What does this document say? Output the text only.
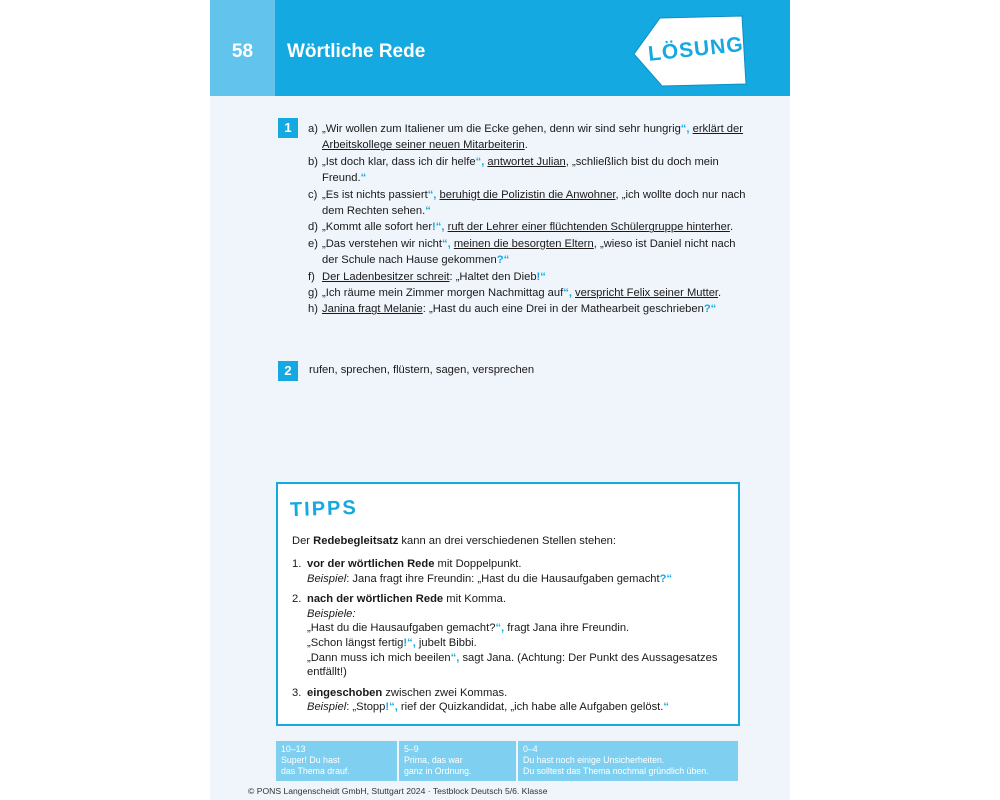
58	Wörtliche Rede	LÖSUNG
1	a) „Wir wollen zum Italiener um die Ecke gehen, denn wir sind sehr hungrig“, erklärt der Arbeitskollege seiner neuen Mitarbeiterin.
b) „Ist doch klar, dass ich dir helfe“, antwortet Julian, „schließlich bist du doch mein Freund.“
c) „Es ist nichts passiert“, beruhigt die Polizistin die Anwohner, „ich wollte doch nur nach dem Rechten sehen.“
d) „Kommt alle sofort her!“, ruft der Lehrer einer flüchtenden Schülergruppe hinterher.
e) „Das verstehen wir nicht“, meinen die besorgten Eltern, „wieso ist Daniel nicht nach der Schule nach Hause gekommen?“
f) Der Ladenbesitzer schreit: „Haltet den Dieb!“
g) „Ich räume mein Zimmer morgen Nachmittag auf“, verspricht Felix seiner Mutter.
h) Janina fragt Melanie: „Hast du auch eine Drei in der Mathearbeit geschrieben?“
2	rufen, sprechen, flüstern, sagen, versprechen
TIPPS
Der Redebegleitsatz kann an drei verschiedenen Stellen stehen:
1. vor der wörtlichen Rede mit Doppelpunkt.
Beispiel: Jana fragt ihre Freundin: „Hast du die Hausaufgaben gemacht?“
2. nach der wörtlichen Rede mit Komma.
Beispiele:
„Hast du die Hausaufgaben gemacht?“, fragt Jana ihre Freundin.
„Schon längst fertig!“, jubelt Bibbi.
„Dann muss ich mich beeilen“, sagt Jana. (Achtung: Der Punkt des Aussagesatzes entfällt!)
3. eingeschoben zwischen zwei Kommas.
Beispiel: „Stopp!“, rief der Quizkandidat, „ich habe alle Aufgaben gelöst.“
10–13
Super! Du hast
das Thema drauf.
5–9
Prima, das war
ganz in Ordnung.
0–4
Du hast noch einige Unsicherheiten.
Du solltest das Thema nochmal gründlich üben.
© PONS Langenscheidt GmbH, Stuttgart 2024 · Testblock Deutsch 5/6. Klasse
